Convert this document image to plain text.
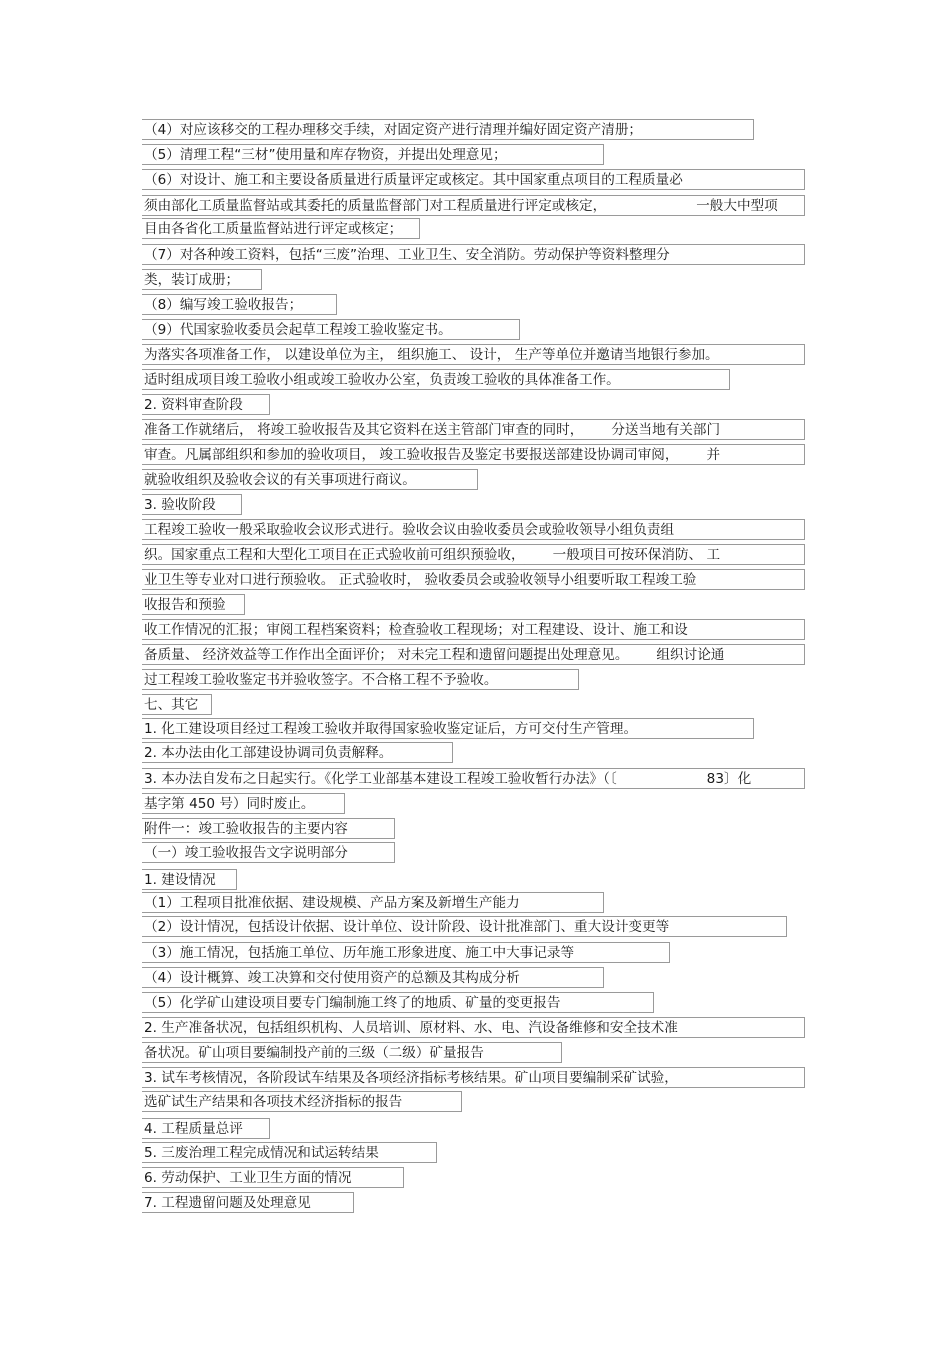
（4）对应该移交的工程办理移交手续，对固定资产进行清理并编好固定资产清册；
（5）清理工程“三材”使用量和库存物资，并提出处理意见；
（6）对设计、施工和主要设备质量进行质量评定或核定。其中国家重点项目的工程质量必
须由部化工质量监督站或其委托的质量监督部门对工程质量进行评定或核定，	一般大中型项
目由各省化工质量监督站进行评定或核定；
（7）对各种竣工资料，包括“三废”治理、工业卫生、安全消防。劳动保护等资料整理分
类，装订成册；
（8）编写竣工验收报告；
（9）代国家验收委员会起草工程竣工验收鉴定书。
为落实各项准备工作， 以建设单位为主， 组织施工、 设计， 生产等单位并邀请当地银行参加。
适时组成项目竣工验收小组或竣工验收办公室，负责竣工验收的具体准备工作。
2. 资料审查阶段
准备工作就绪后， 将竣工验收报告及其它资料在送主管部门审查的同时， 分送当地有关部门
审查。凡属部组织和参加的验收项目， 竣工验收报告及鉴定书要报送部建设协调司审阅， 并
就验收组织及验收会议的有关事项进行商议。
3. 验收阶段
工程竣工验收一般采取验收会议形式进行。验收会议由验收委员会或验收领导小组负责组
织。国家重点工程和大型化工项目在正式验收前可组织预验收， 一般项目可按环保消防、 工
业卫生等专业对口进行预验收。 正式验收时， 验收委员会或验收领导小组要听取工程竣工验
收报告和预验
收工作情况的汇报；审阅工程档案资料；检查验收工程现场；对工程建设、设计、施工和设
备质量、 经济效益等工作作出全面评价； 对未完工程和遗留问题提出处理意见。 组织讨论通
过工程竣工验收鉴定书并验收签字。不合格工程不予验收。
七、其它
1. 化工建设项目经过工程竣工验收并取得国家验收鉴定证后，方可交付生产管理。
2. 本办法由化工部建设协调司负责解释。
3. 本办法自发布之日起实行。《化学工业部基本建设工程竣工验收暂行办法》（〔	83〕化
基字第 450 号）同时废止。
附件一：竣工验收报告的主要内容
（一）竣工验收报告文字说明部分
1. 建设情况
（1）工程项目批准依据、建设规模、产品方案及新增生产能力
（2）设计情况，包括设计依据、设计单位、设计阶段、设计批准部门、重大设计变更等
（3）施工情况，包括施工单位、历年施工形象进度、施工中大事记录等
（4）设计概算、竣工决算和交付使用资产的总额及其构成分析
（5）化学矿山建设项目要专门编制施工终了的地质、矿量的变更报告
2. 生产准备状况，包括组织机构、人员培训、原材料、水、电、汽设备维修和安全技术准
备状况。矿山项目要编制投产前的三级（二级）矿量报告
3. 试车考核情况，各阶段试车结果及各项经济指标考核结果。矿山项目要编制采矿试验，
选矿试生产结果和各项技术经济指标的报告
4. 工程质量总评
5. 三废治理工程完成情况和试运转结果
6. 劳动保护、工业卫生方面的情况
7. 工程遗留问题及处理意见
